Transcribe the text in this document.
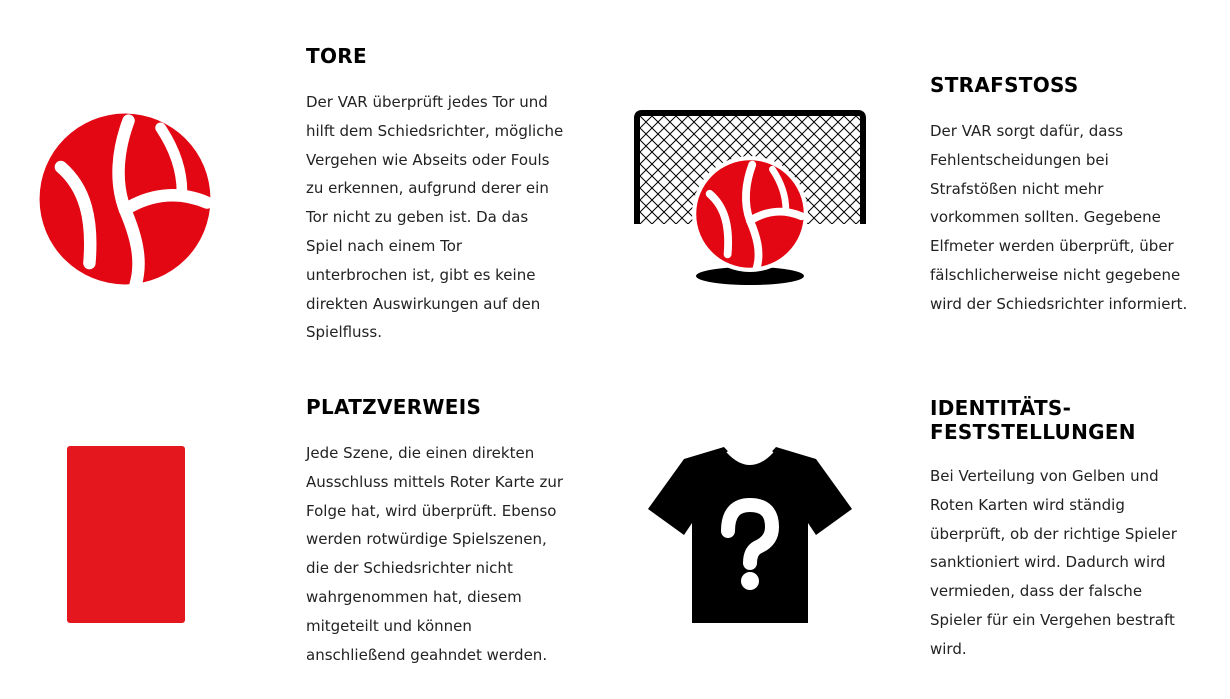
TORE

Der VAR überprüft jedes Tor und
hilft dem Schiedsrichter, mögliche
Vergehen wie Abseits oder Fouls
zu erkennen, aufgrund derer ein
Tor nicht zu geben ist. Da das
Spiel nach einem Tor
unterbrochen ist, gibt es keine
direkten Auswirkungen auf den
Spielfluss.

STRAFSTOSS

Der VAR sorgt dafür, dass
Fehlentscheidungen bei
Strafstößen nicht mehr
vorkommen sollten. Gegebene
Elfmeter werden überprüft, über
fälschlicherweise nicht gegebene
wird der Schiedsrichter informiert.

PLATZVERWEIS

Jede Szene, die einen direkten
Ausschluss mittels Roter Karte zur
Folge hat, wird überprüft. Ebenso
werden rotwürdige Spielszenen,
die der Schiedsrichter nicht
wahrgenommen hat, diesem
mitgeteilt und können
anschließend geahndet werden.

IDENTITÄTS-
FESTSTELLUNGEN

Bei Verteilung von Gelben und
Roten Karten wird ständig
überprüft, ob der richtige Spieler
sanktioniert wird. Dadurch wird
vermieden, dass der falsche
Spieler für ein Vergehen bestraft
wird.
